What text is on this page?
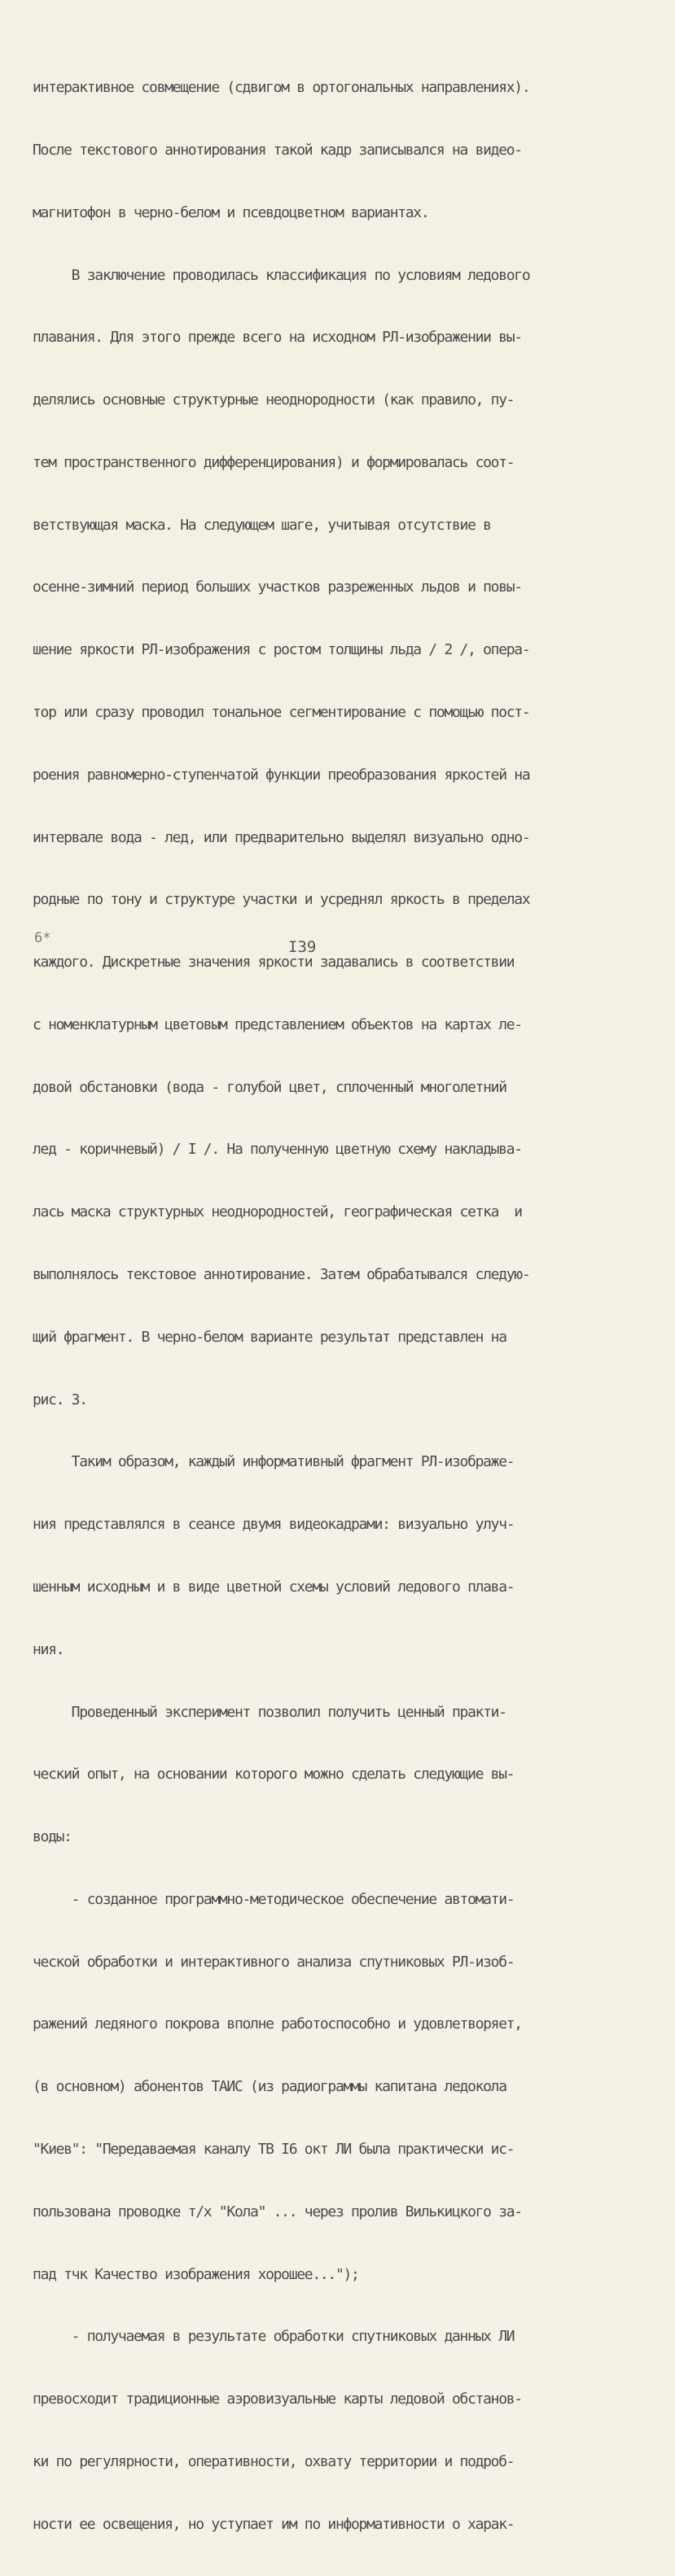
интерактивное совмещение (сдвигом в ортогональных направлениях).

После текстового аннотирования такой кадр записывался на видео-

магнитофон в черно-белом и псевдоцветном вариантах.

В заключение проводилась классификация по условиям ледового

плавания. Для этого прежде всего на исходном РЛ-изображении вы-

делялись основные структурные неоднородности (как правило, пу-

тем пространственного дифференцирования) и формировалась соот-

ветствующая маска. На следующем шаге, учитывая отсутствие в

осенне-зимний период больших участков разреженных льдов и повы-

шение яркости РЛ-изображения с ростом толщины льда / 2 /, опера-

тор или сразу проводил тональное сегментирование с помощью пост-

роения равномерно-ступенчатой функции преобразования яркостей на

интервале вода - лед, или предварительно выделял визуально одно-

родные по тону и структуре участки и усреднял яркость в пределах

каждого. Дискретные значения яркости задавались в соответствии

с номенклатурным цветовым представлением объектов на картах ле-

довой обстановки (вода - голубой цвет, сплоченный многолетний

лед - коричневый) / I /. На полученную цветную схему накладыва-

лась маска структурных неоднородностей, географическая сетка  и

выполнялось текстовое аннотирование. Затем обрабатывался следую-

щий фрагмент. В черно-белом варианте результат представлен на

рис. 3.

Таким образом, каждый информативный фрагмент РЛ-изображе-

ния представлялся в сеансе двумя видеокадрами: визуально улуч-

шенным исходным и в виде цветной схемы условий ледового плава-

ния.

Проведенный эксперимент позволил получить ценный практи-

ческий опыт, на основании которого можно сделать следующие вы-

воды:

- созданное программно-методическое обеспечение автомати-

ческой обработки и интерактивного анализа спутниковых РЛ-изоб-

ражений ледяного покрова вполне работоспособно и удовлетворяет,

(в основном) абонентов ТАИС (из радиограммы капитана ледокола

"Киев": "Передаваемая каналу ТВ I6 окт ЛИ была практически ис-

пользована проводке т/х "Кола" ... через пролив Вилькицкого за-

пад тчк Качество изображения хорошее...");

- получаемая в результате обработки спутниковых данных ЛИ

превосходит традиционные аэровизуальные карты ледовой обстанов-

ки по регулярности, оперативности, охвату территории и подроб-

ности ее освещения, но уступает им по информативности о харак-

6*	I39
